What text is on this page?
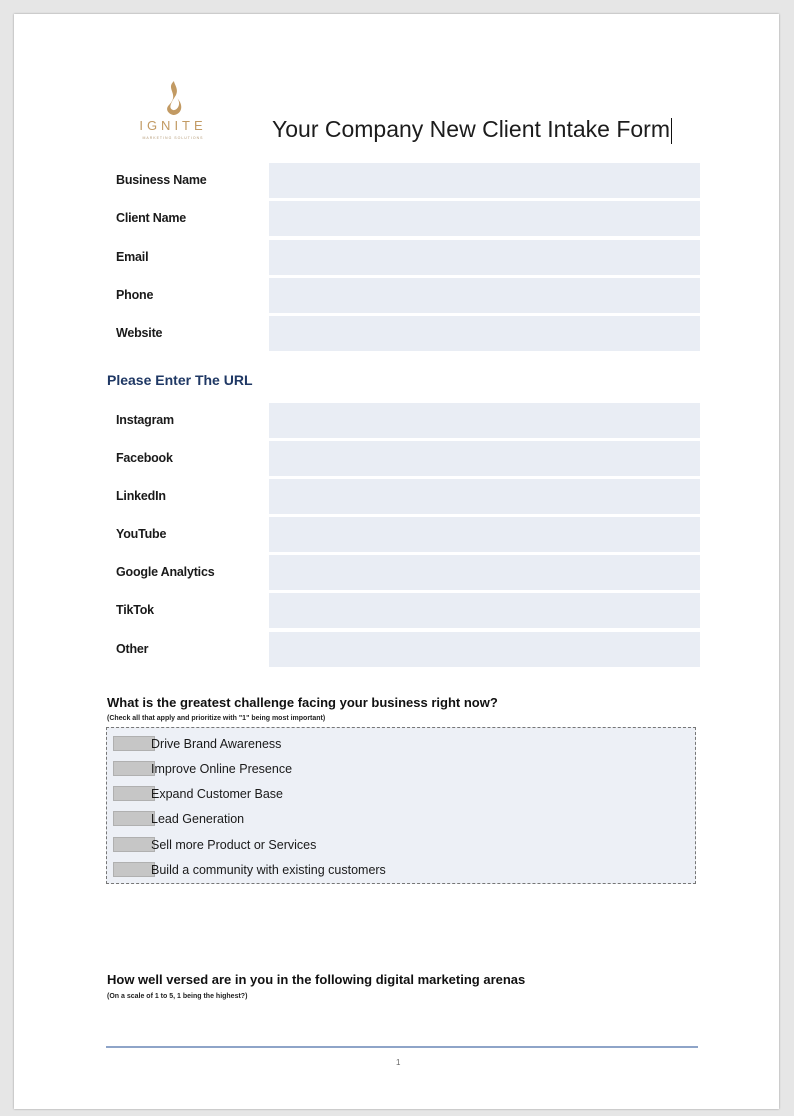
IGNITE
MARKETING SOLUTIONS	Your Company New Client Intake Form
Business Name
Client Name
Email
Phone
Website
Please Enter The URL
Instagram
Facebook
LinkedIn
YouTube
Google Analytics
TikTok
Other
What is the greatest challenge facing your business right now?
(Check all that apply and prioritize with "1" being most important)
Drive Brand Awareness
Improve Online Presence
Expand Customer Base
Lead Generation
Sell more Product or Services
Build a community with existing customers
How well versed are in you in the following digital marketing arenas
(On a scale of 1 to 5, 1 being the highest?)
1
